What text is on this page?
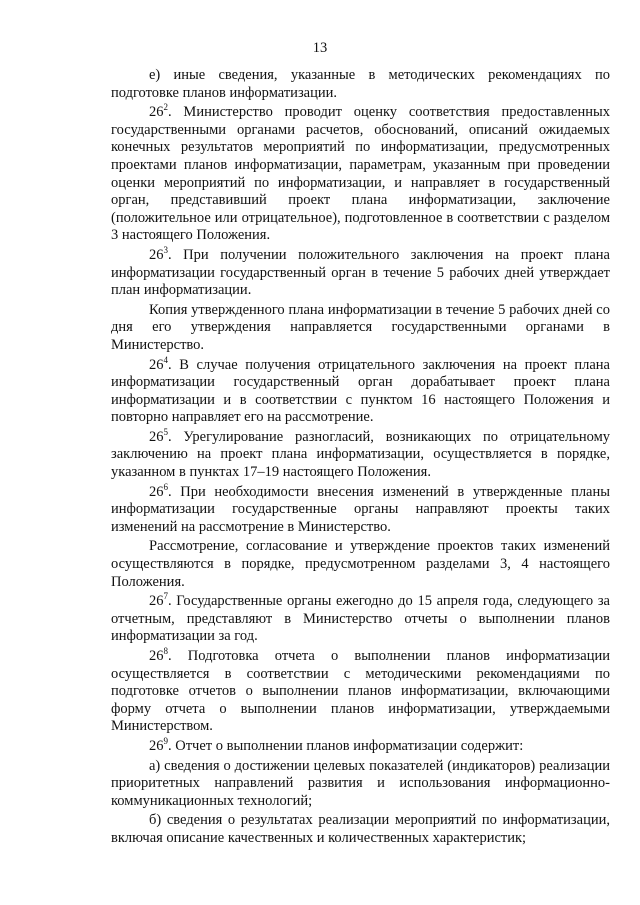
13

е) иные сведения, указанные в методических рекомендациях по подготовке планов информатизации.

$26^2$. Министерство проводит оценку соответствия предоставленных государственными органами расчетов, обоснований, описаний ожидаемых конечных результатов мероприятий по информатизации, предусмотренных проектами планов информатизации, параметрам, указанным при проведении оценки мероприятий по информатизации, и направляет в государственный орган, представивший проект плана информатизации, заключение (положительное или отрицательное), подготовленное в соответствии с разделом 3 настоящего Положения.

$26^3$. При получении положительного заключения на проект плана информатизации государственный орган в течение 5 рабочих дней утверждает план информатизации.

Копия утвержденного плана информатизации в течение 5 рабочих дней со дня его утверждения направляется государственными органами в Министерство.

$26^4$. В случае получения отрицательного заключения на проект плана информатизации государственный орган дорабатывает проект плана информатизации и в соответствии с пунктом 16 настоящего Положения и повторно направляет его на рассмотрение.

$26^5$. Урегулирование разногласий, возникающих по отрицательному заключению на проект плана информатизации, осуществляется в порядке, указанном в пунктах 17–19 настоящего Положения.

$26^6$. При необходимости внесения изменений в утвержденные планы информатизации государственные органы направляют проекты таких изменений на рассмотрение в Министерство.

Рассмотрение, согласование и утверждение проектов таких изменений осуществляются в порядке, предусмотренном разделами 3, 4 настоящего Положения.

$26^7$. Государственные органы ежегодно до 15 апреля года, следующего за отчетным, представляют в Министерство отчеты о выполнении планов информатизации за год.

$26^8$. Подготовка отчета о выполнении планов информатизации осуществляется в соответствии с методическими рекомендациями по подготовке отчетов о выполнении планов информатизации, включающими форму отчета о выполнении планов информатизации, утверждаемыми Министерством.

$26^9$. Отчет о выполнении планов информатизации содержит:

а) сведения о достижении целевых показателей (индикаторов) реализации приоритетных направлений развития и использования информационно-коммуникационных технологий;

б) сведения о результатах реализации мероприятий по информатизации, включая описание качественных и количественных характеристик;
